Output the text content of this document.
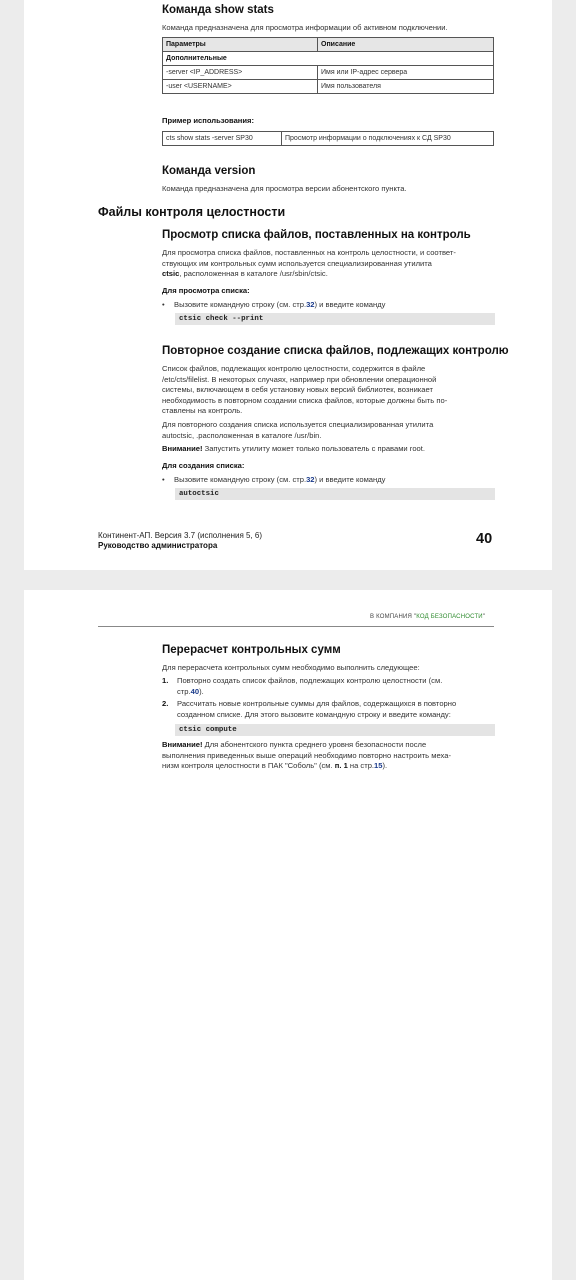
Команда show stats
Команда предназначена для просмотра информации об активном подключении.
Параметры	Описание
Дополнительные	
-server <IP_ADDRESS>	Имя или IP-адрес сервера
-user <USERNAME>	Имя пользователя
Пример использования:
cts show stats -server SP30	Просмотр информации о подключениях к СД SP30
Команда version
Команда предназначена для просмотра версии абонентского пункта.
Файлы контроля целостности
Просмотр списка файлов, поставленных на контроль
Для просмотра списка файлов, поставленных на контроль целостности, и соответ-
ствующих им контрольных сумм используется специализированная утилита
ctsic, расположенная в каталоге /usr/sbin/ctsic.
Для просмотра списка:
• Вызовите командную строку (см. стр.32) и введите команду
ctsic check --print
Повторное создание списка файлов, подлежащих контролю
Список файлов, подлежащих контролю целостности, содержится в файле
/etc/cts/filelist. В некоторых случаях, например при обновлении операционной
системы, включающем в себя установку новых версий библиотек, возникает
необходимость в повторном создании списка файлов, которые должны быть по-
ставлены на контроль.
Для повторного создания списка используется специализированная утилита
autoctsic, .расположенная в каталоге /usr/bin.
Внимание! Запустить утилиту может только пользователь с правами root.
Для создания списка:
• Вызовите командную строку (см. стр.32) и введите команду
autoctsic
Континент-АП. Версия 3.7 (исполнения 5, 6)
Руководство администратора	40
В КОМПАНИЯ "КОД БЕЗОПАСНОСТИ"
Перерасчет контрольных сумм
Для перерасчета контрольных сумм необходимо выполнить следующее:
1. Повторно создать список файлов, подлежащих контролю целостности (см.
стр.40).
2. Рассчитать новые контрольные суммы для файлов, содержащихся в повторно
созданном списке. Для этого вызовите командную строку и введите команду:
ctsic compute
Внимание! Для абонентского пункта среднего уровня безопасности после
выполнения приведенных выше операций необходимо повторно настроить меха-
низм контроля целостности в ПАК "Соболь" (см. п. 1 на стр.15).
